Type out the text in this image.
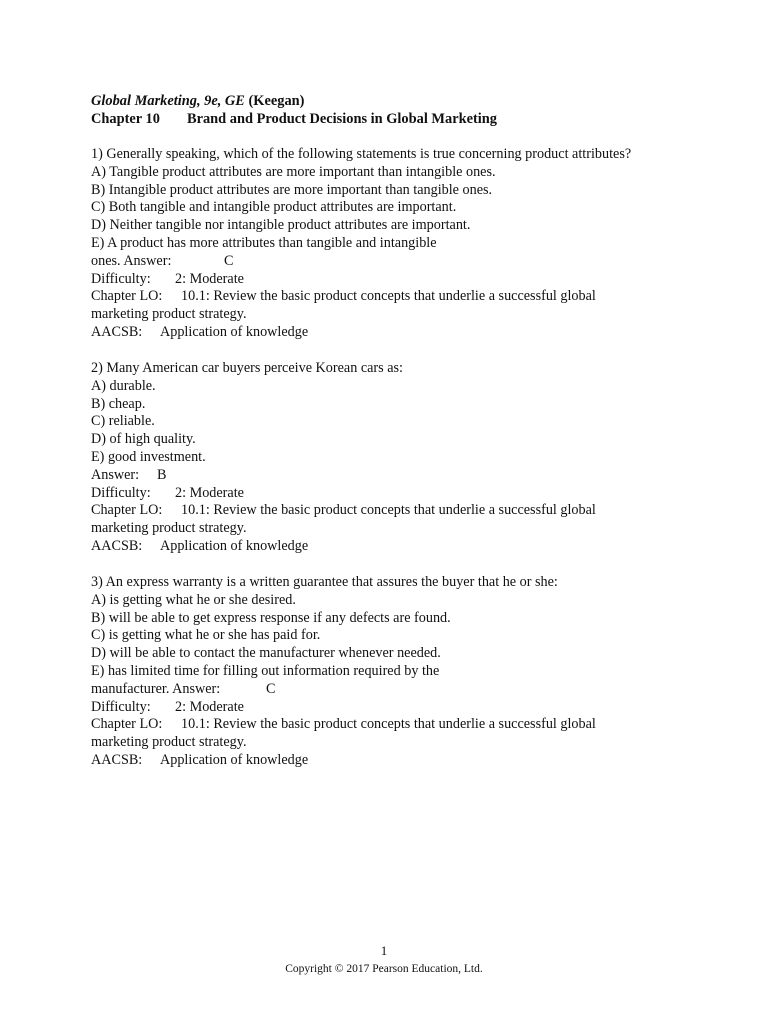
Global Marketing, 9e, GE (Keegan)
Chapter 10 Brand and Product Decisions in Global Marketing
1) Generally speaking, which of the following statements is true concerning product attributes?
A) Tangible product attributes are more important than intangible ones.
B) Intangible product attributes are more important than tangible ones.
C) Both tangible and intangible product attributes are important.
D) Neither tangible nor intangible product attributes are important.
E) A product has more attributes than tangible and intangible
ones. Answer:	C
Difficulty: 2: Moderate
Chapter LO: 10.1: Review the basic product concepts that underlie a successful global
marketing product strategy.
AACSB: Application of knowledge
2) Many American car buyers perceive Korean cars as:
A) durable.
B) cheap.
C) reliable.
D) of high quality.
E) good investment.
Answer: B
Difficulty: 2: Moderate
Chapter LO: 10.1: Review the basic product concepts that underlie a successful global
marketing product strategy.
AACSB: Application of knowledge
3) An express warranty is a written guarantee that assures the buyer that he or she:
A) is getting what he or she desired.
B) will be able to get express response if any defects are found.
C) is getting what he or she has paid for.
D) will be able to contact the manufacturer whenever needed.
E) has limited time for filling out information required by the
manufacturer. Answer:	C
Difficulty: 2: Moderate
Chapter LO: 10.1: Review the basic product concepts that underlie a successful global
marketing product strategy.
AACSB: Application of knowledge
1
Copyright © 2017 Pearson Education, Ltd.
